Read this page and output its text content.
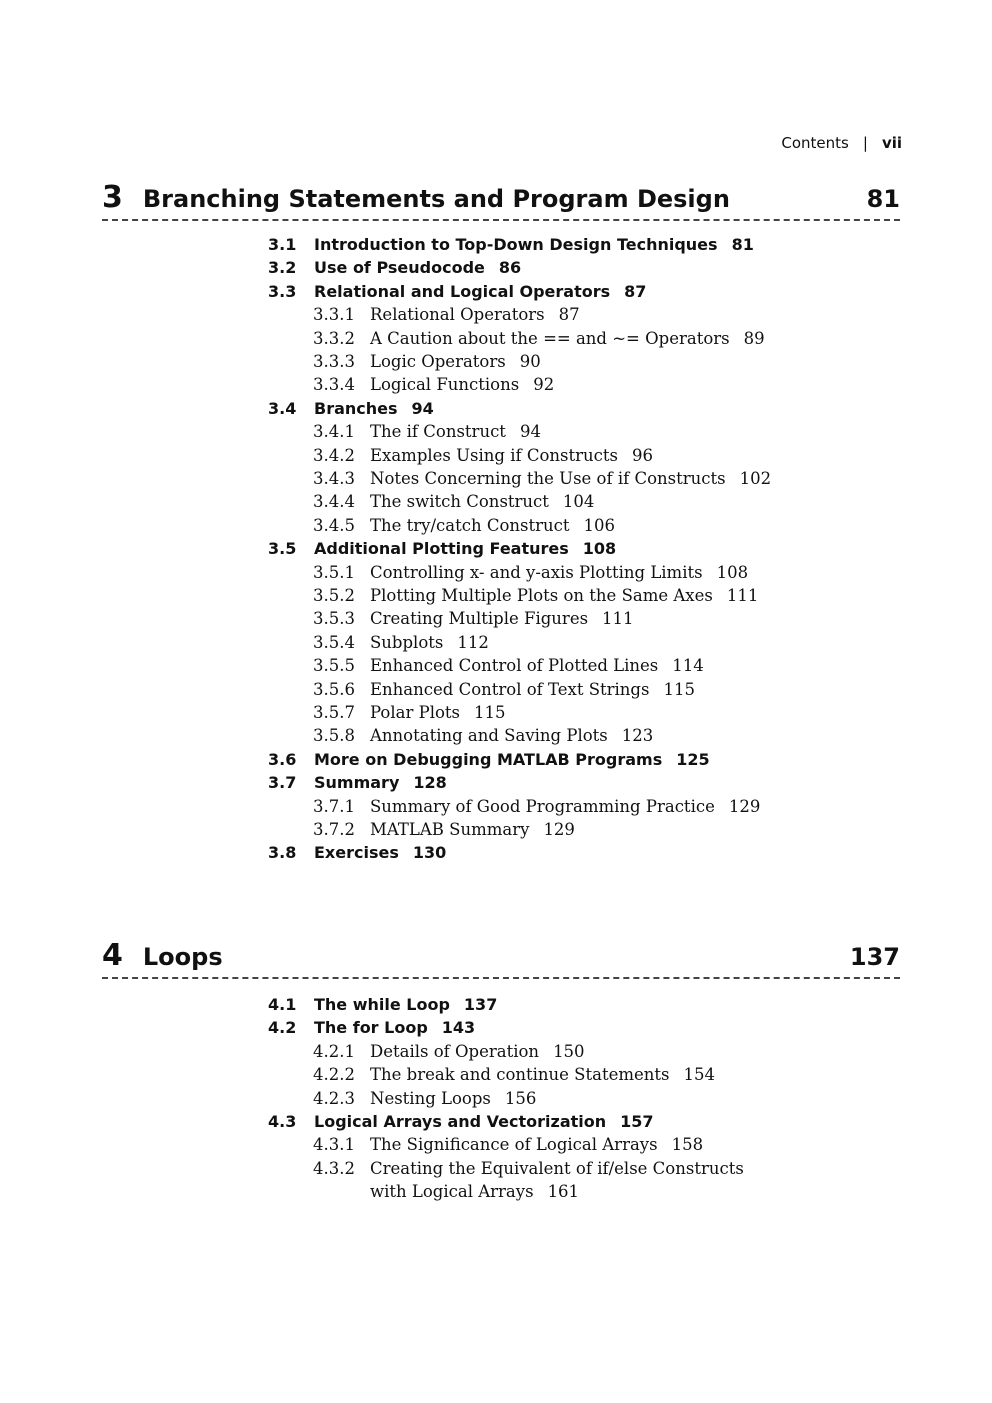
Contents | vii
3 Branching Statements and Program Design	81
3.1	Introduction to Top-Down Design Techniques 81
3.2	Use of Pseudocode 86
3.3	Relational and Logical Operators 87
3.3.1 Relational Operators 87
3.3.2 A Caution about the == and ~= Operators 89
3.3.3 Logic Operators 90
3.3.4 Logical Functions 92
3.4	Branches 94
3.4.1 The if Construct 94
3.4.2 Examples Using if Constructs 96
3.4.3 Notes Concerning the Use of if Constructs 102
3.4.4 The switch Construct 104
3.4.5 The try/catch Construct 106
3.5	Additional Plotting Features 108
3.5.1 Controlling x- and y-axis Plotting Limits 108
3.5.2 Plotting Multiple Plots on the Same Axes 111
3.5.3 Creating Multiple Figures 111
3.5.4 Subplots 112
3.5.5 Enhanced Control of Plotted Lines 114
3.5.6 Enhanced Control of Text Strings 115
3.5.7 Polar Plots 115
3.5.8 Annotating and Saving Plots 123
3.6	More on Debugging MATLAB Programs 125
3.7	Summary 128
3.7.1 Summary of Good Programming Practice 129
3.7.2 MATLAB Summary 129
3.8	Exercises 130
4 Loops	137
4.1	The while Loop 137
4.2	The for Loop 143
4.2.1 Details of Operation 150
4.2.2 The break and continue Statements 154
4.2.3 Nesting Loops 156
4.3	Logical Arrays and Vectorization 157
4.3.1 The Significance of Logical Arrays 158
4.3.2 Creating the Equivalent of if/else Constructs
with Logical Arrays 161
